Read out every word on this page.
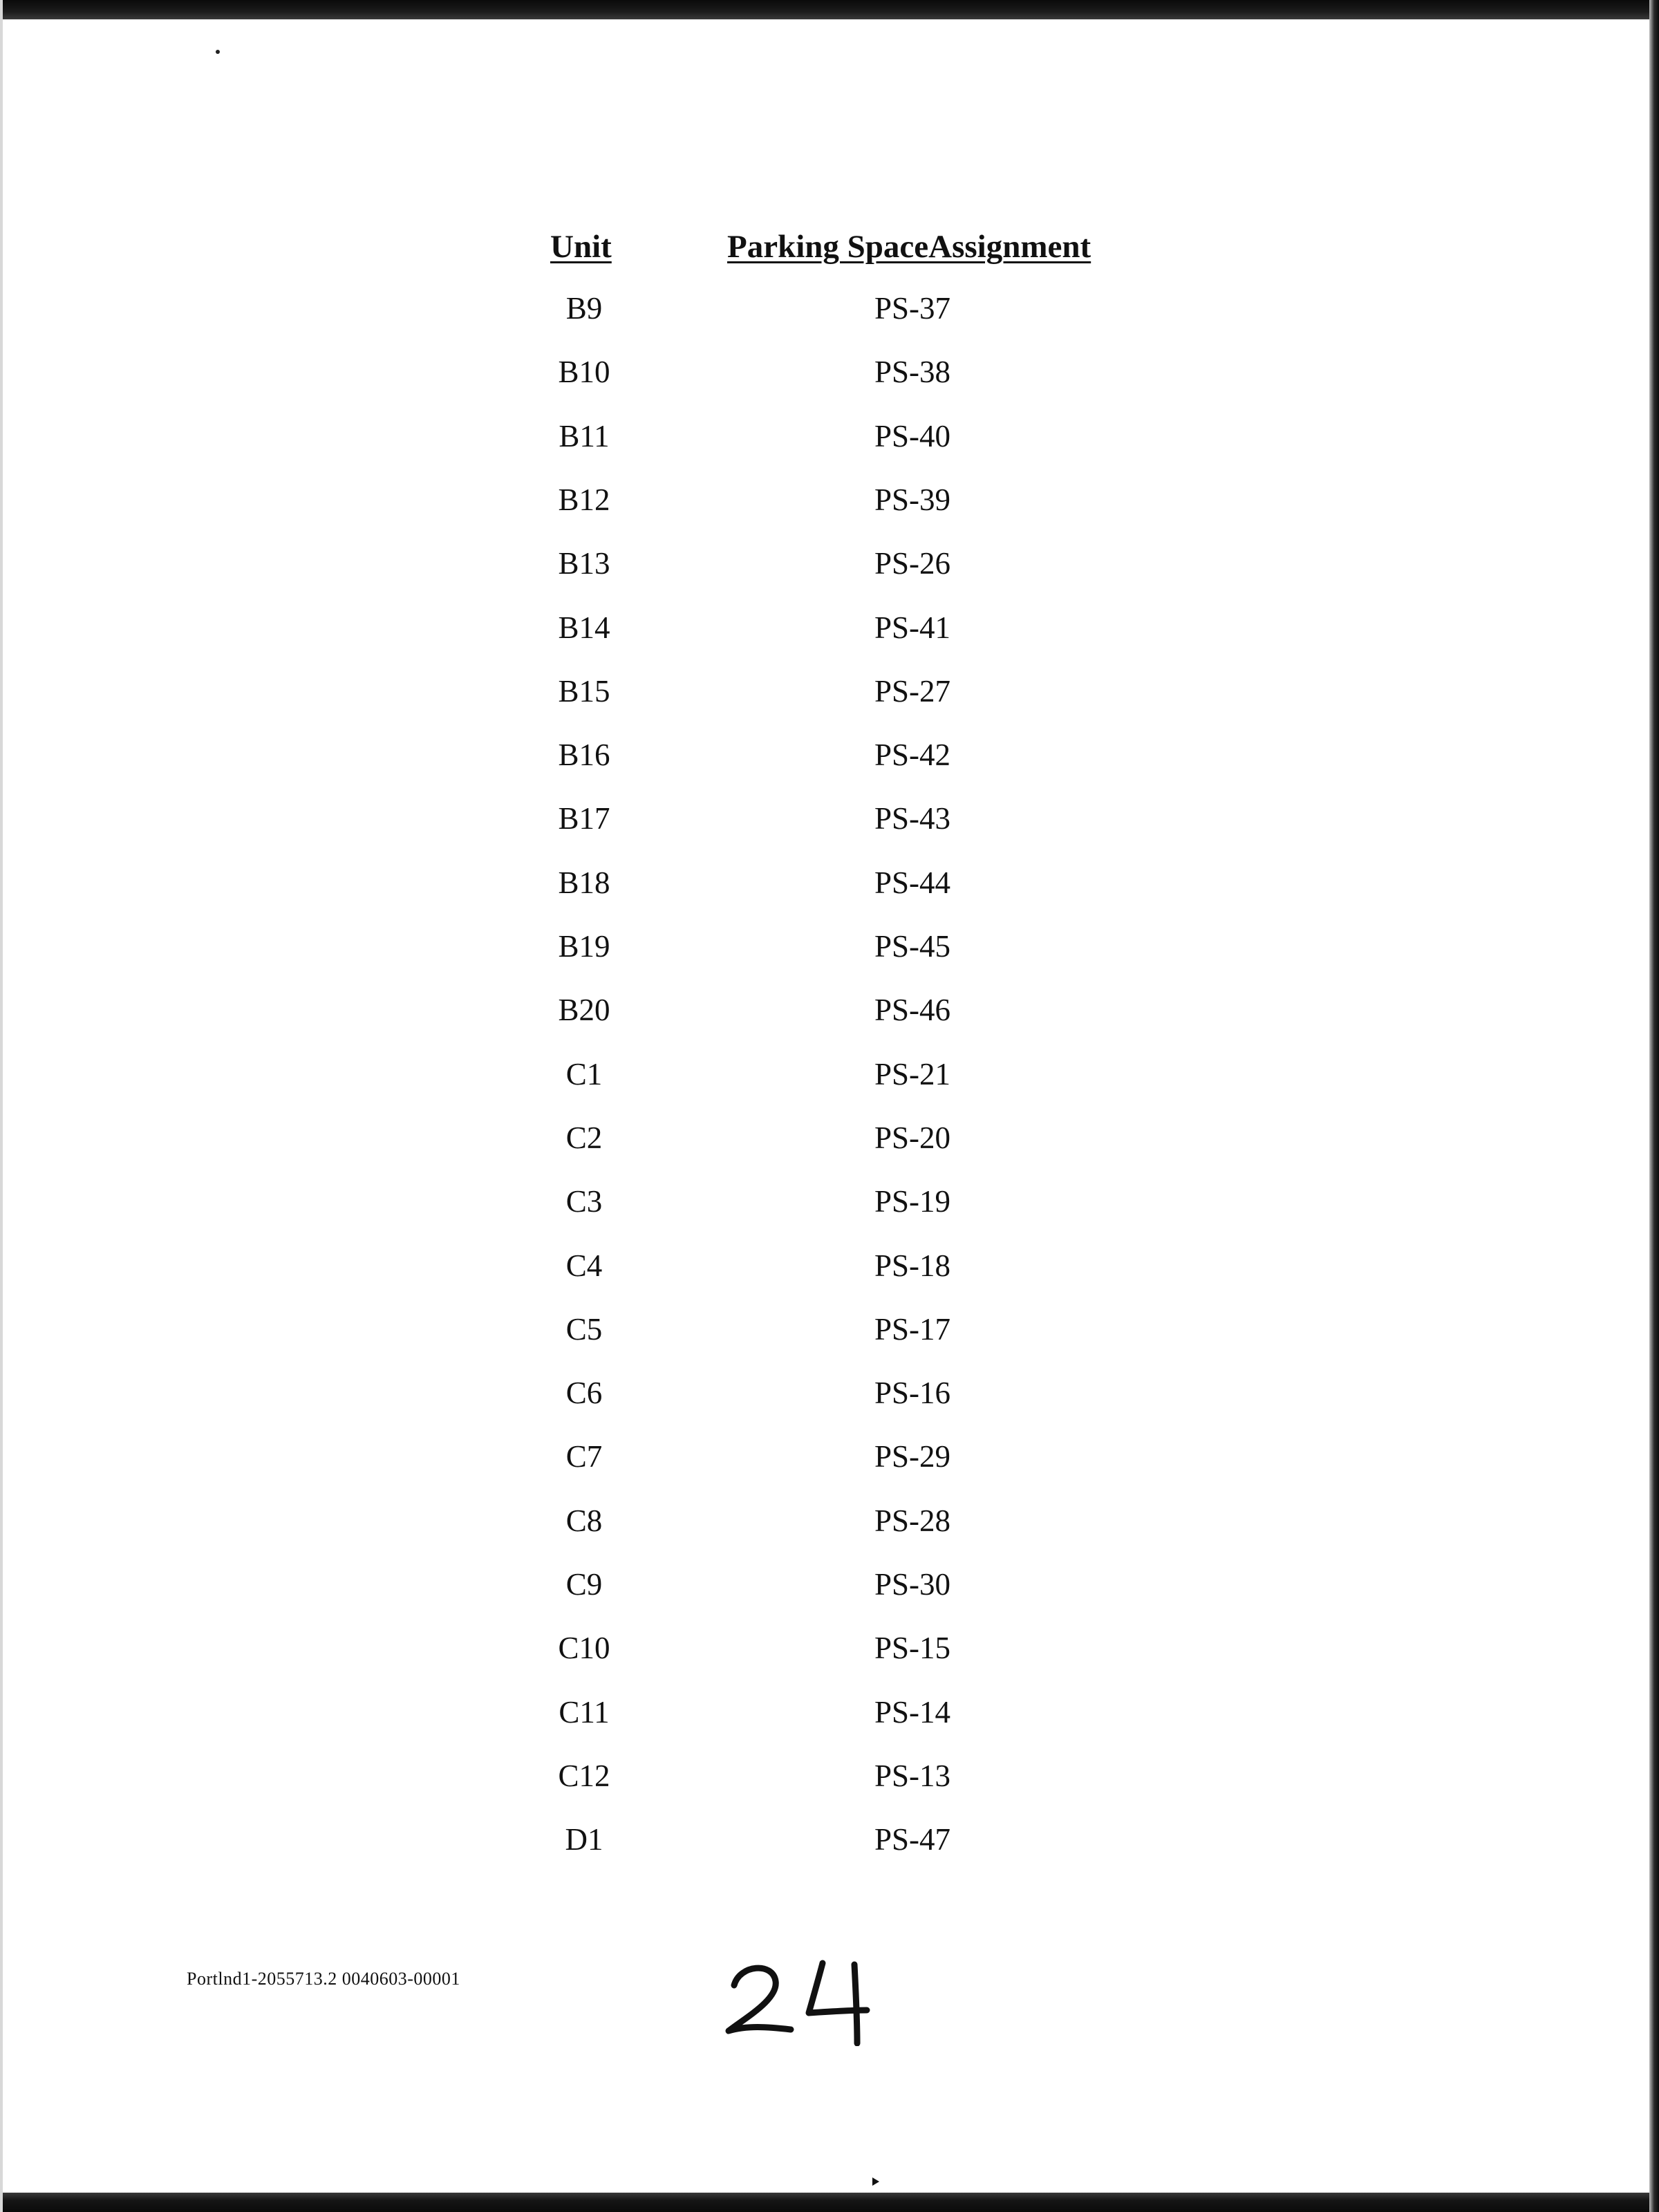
Unit	Parking SpaceAssignment
B9	PS-37
B10	PS-38
B11	PS-40
B12	PS-39
B13	PS-26
B14	PS-41
B15	PS-27
B16	PS-42
B17	PS-43
B18	PS-44
B19	PS-45
B20	PS-46
C1	PS-21
C2	PS-20
C3	PS-19
C4	PS-18
C5	PS-17
C6	PS-16
C7	PS-29
C8	PS-28
C9	PS-30
C10	PS-15
C11	PS-14
C12	PS-13
D1	PS-47
Portlnd1-2055713.2 0040603-00001
